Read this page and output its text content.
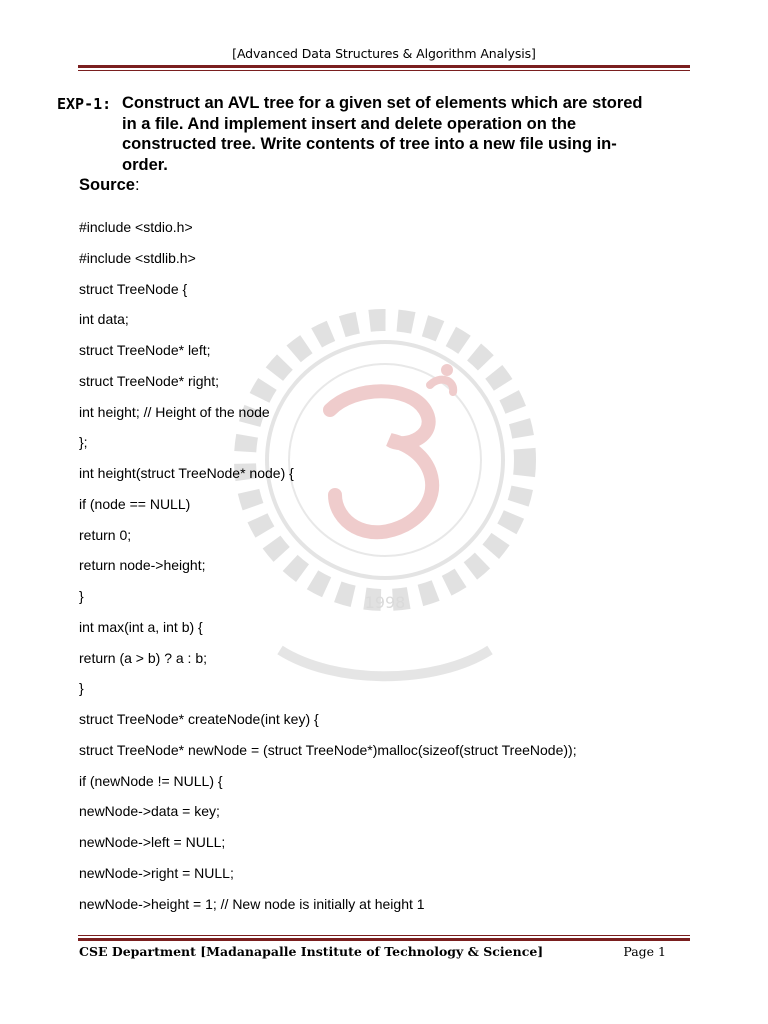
[Advanced Data Structures & Algorithm Analysis]
1998
EXP-1: Construct an AVL tree for a given set of elements which are stored
in a file. And implement insert and delete operation on the
constructed tree. Write contents of tree into a new file using in-
order.
Source:
#include <stdio.h>
#include <stdlib.h>
struct TreeNode {
int data;
struct TreeNode* left;
struct TreeNode* right;
int height; // Height of the node
};
int height(struct TreeNode* node) {
if (node == NULL)
return 0;
return node->height;
}
int max(int a, int b) {
return (a > b) ? a : b;
}
struct TreeNode* createNode(int key) {
struct TreeNode* newNode = (struct TreeNode*)malloc(sizeof(struct TreeNode));
if (newNode != NULL) {
newNode->data = key;
newNode->left = NULL;
newNode->right = NULL;
newNode->height = 1; // New node is initially at height 1
CSE Department [Madanapalle Institute of Technology & Science]	Page 1
